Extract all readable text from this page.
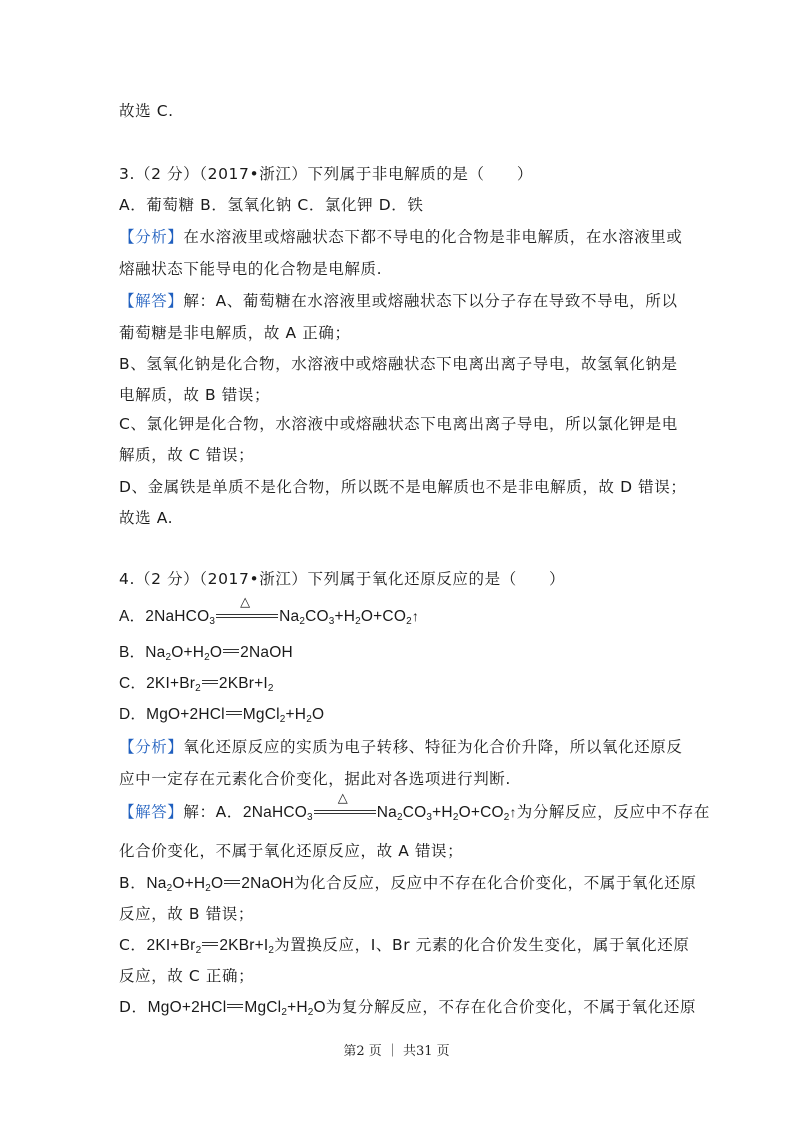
故选 C.
3.（2 分）（2017•浙江）下列属于非电解质的是（　　）
A．葡萄糖 B．氢氧化钠 C．氯化钾 D．铁
【分析】在水溶液里或熔融状态下都不导电的化合物是非电解质，在水溶液里或
熔融状态下能导电的化合物是电解质.
【解答】解：A、葡萄糖在水溶液里或熔融状态下以分子存在导致不导电，所以
葡萄糖是非电解质，故 A 正确；
B、氢氧化钠是化合物，水溶液中或熔融状态下电离出离子导电，故氢氧化钠是
电解质，故 B 错误；
C、氯化钾是化合物，水溶液中或熔融状态下电离出离子导电，所以氯化钾是电
解质，故 C 错误；
D、金属铁是单质不是化合物，所以既不是电解质也不是非电解质，故 D 错误；
故选 A.
4.（2 分）（2017•浙江）下列属于氧化还原反应的是（　　）
A．2NaHCO$_3$
△
$Na_2CO_3+H_2O+CO_2↑$
B．$Na_2O+H_2O$ 2NaOH
C．$2KI+Br_2$ $2KBr+I_2$
D．MgO+2HCl $MgCl_2+H_2O$
【分析】氧化还原反应的实质为电子转移、特征为化合价升降，所以氧化还原反
应中一定存在元素化合价变化，据此对各选项进行判断.
【解答】解：A．2NaHCO$_3$
△
$Na_2CO_3+H_2O+CO_2↑$为分解反应，反应中不存在
化合价变化，不属于氧化还原反应，故 A 错误；
B．$Na_2O+H_2O$ 2NaOH为化合反应，反应中不存在化合价变化，不属于氧化还原
反应，故 B 错误；
C．$2KI+Br_2$ $2KBr+I_2$为置换反应，I、Br 元素的化合价发生变化，属于氧化还原
反应，故 C 正确；
D．MgO+2HCl $MgCl_2+H_2O$为复分解反应，不存在化合价变化，不属于氧化还原
第2 页 ｜ 共31 页
